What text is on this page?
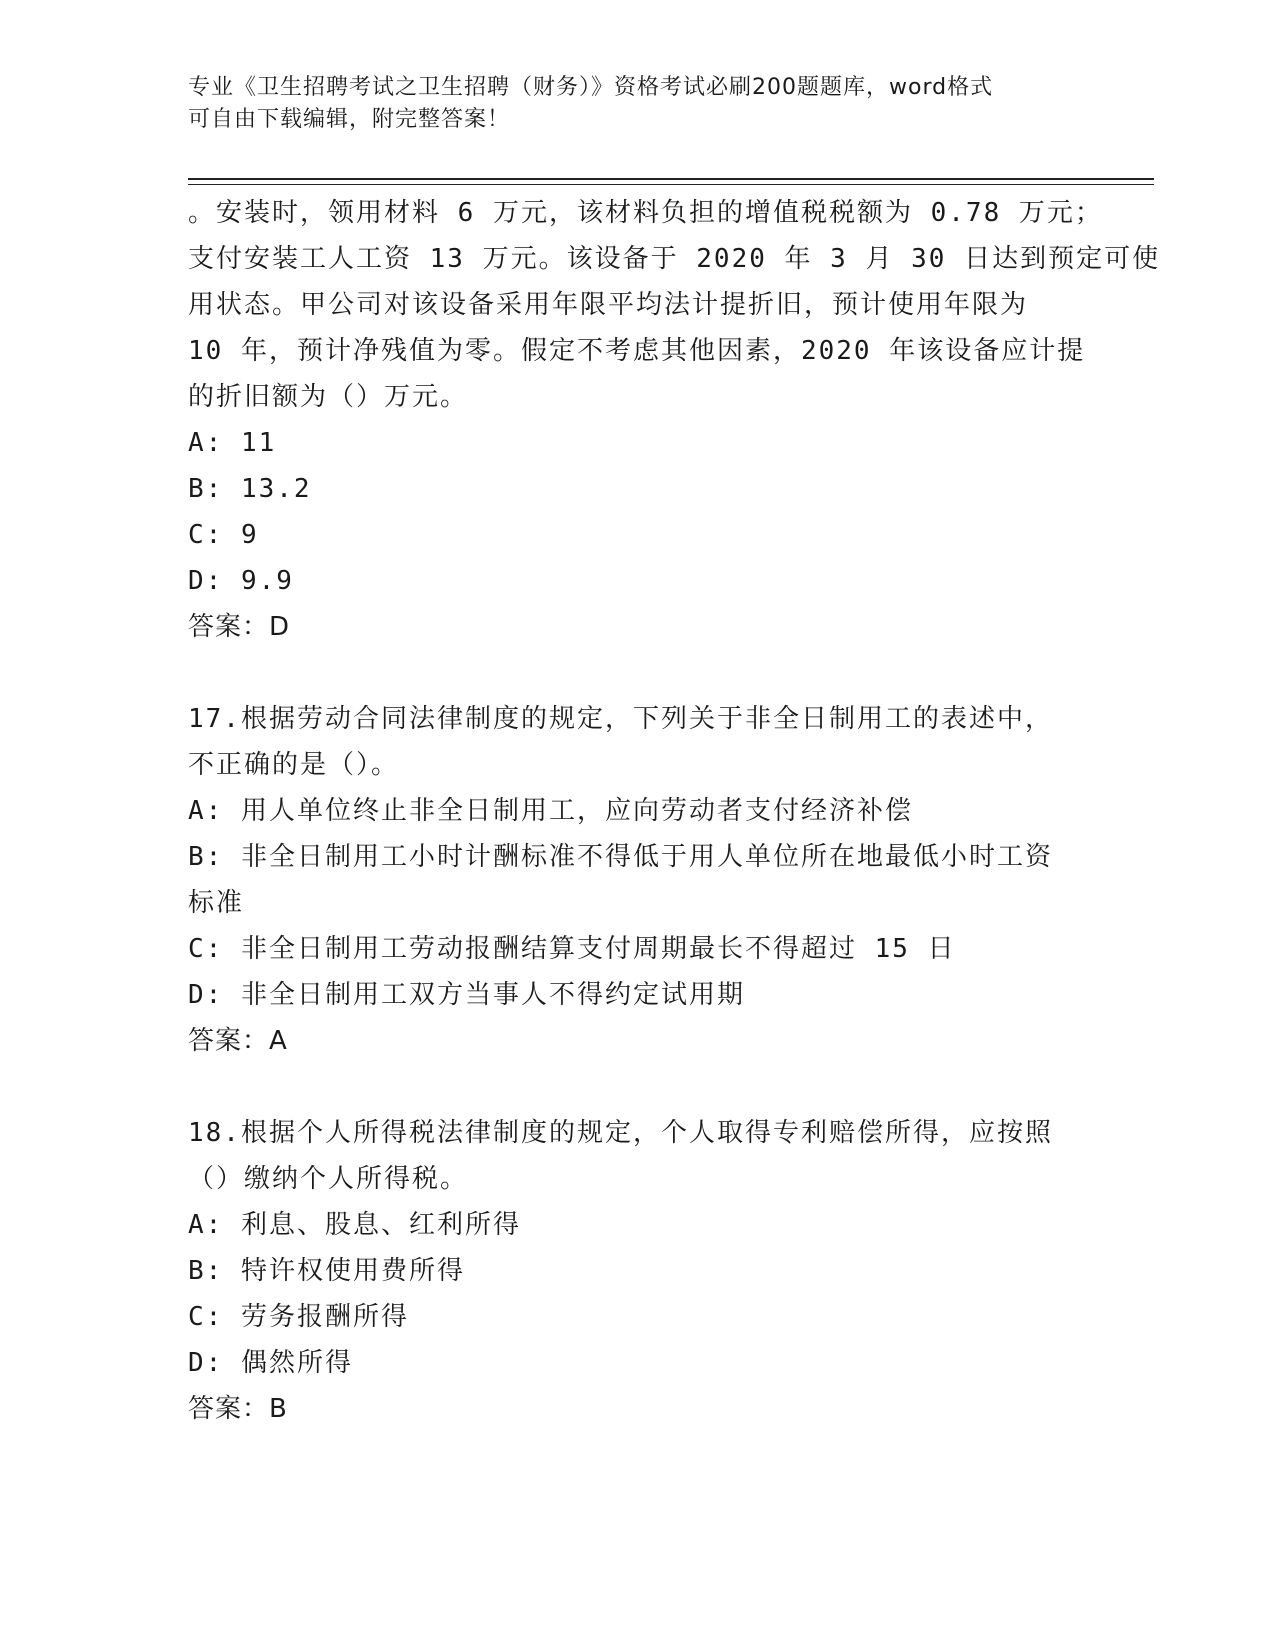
专业《卫生招聘考试之卫生招聘（财务）》资格考试必刷200题题库，word格式
可自由下载编辑，附完整答案！
。安装时，领用材料 6 万元，该材料负担的增值税税额为 0.78 万元；
支付安装工人工资 13 万元。该设备于 2020 年 3 月 30 日达到预定可使
用状态。甲公司对该设备采用年限平均法计提折旧，预计使用年限为
10 年，预计净残值为零。假定不考虑其他因素，2020 年该设备应计提
的折旧额为（）万元。
A: 11
B: 13.2
C: 9
D: 9.9
答案：D
17.根据劳动合同法律制度的规定，下列关于非全日制用工的表述中，
不正确的是（）。
A: 用人单位终止非全日制用工，应向劳动者支付经济补偿
B: 非全日制用工小时计酬标准不得低于用人单位所在地最低小时工资
标准
C: 非全日制用工劳动报酬结算支付周期最长不得超过 15 日
D: 非全日制用工双方当事人不得约定试用期
答案：A
18.根据个人所得税法律制度的规定，个人取得专利赔偿所得，应按照
（）缴纳个人所得税。
A: 利息、股息、红利所得
B: 特许权使用费所得
C: 劳务报酬所得
D: 偶然所得
答案：B
